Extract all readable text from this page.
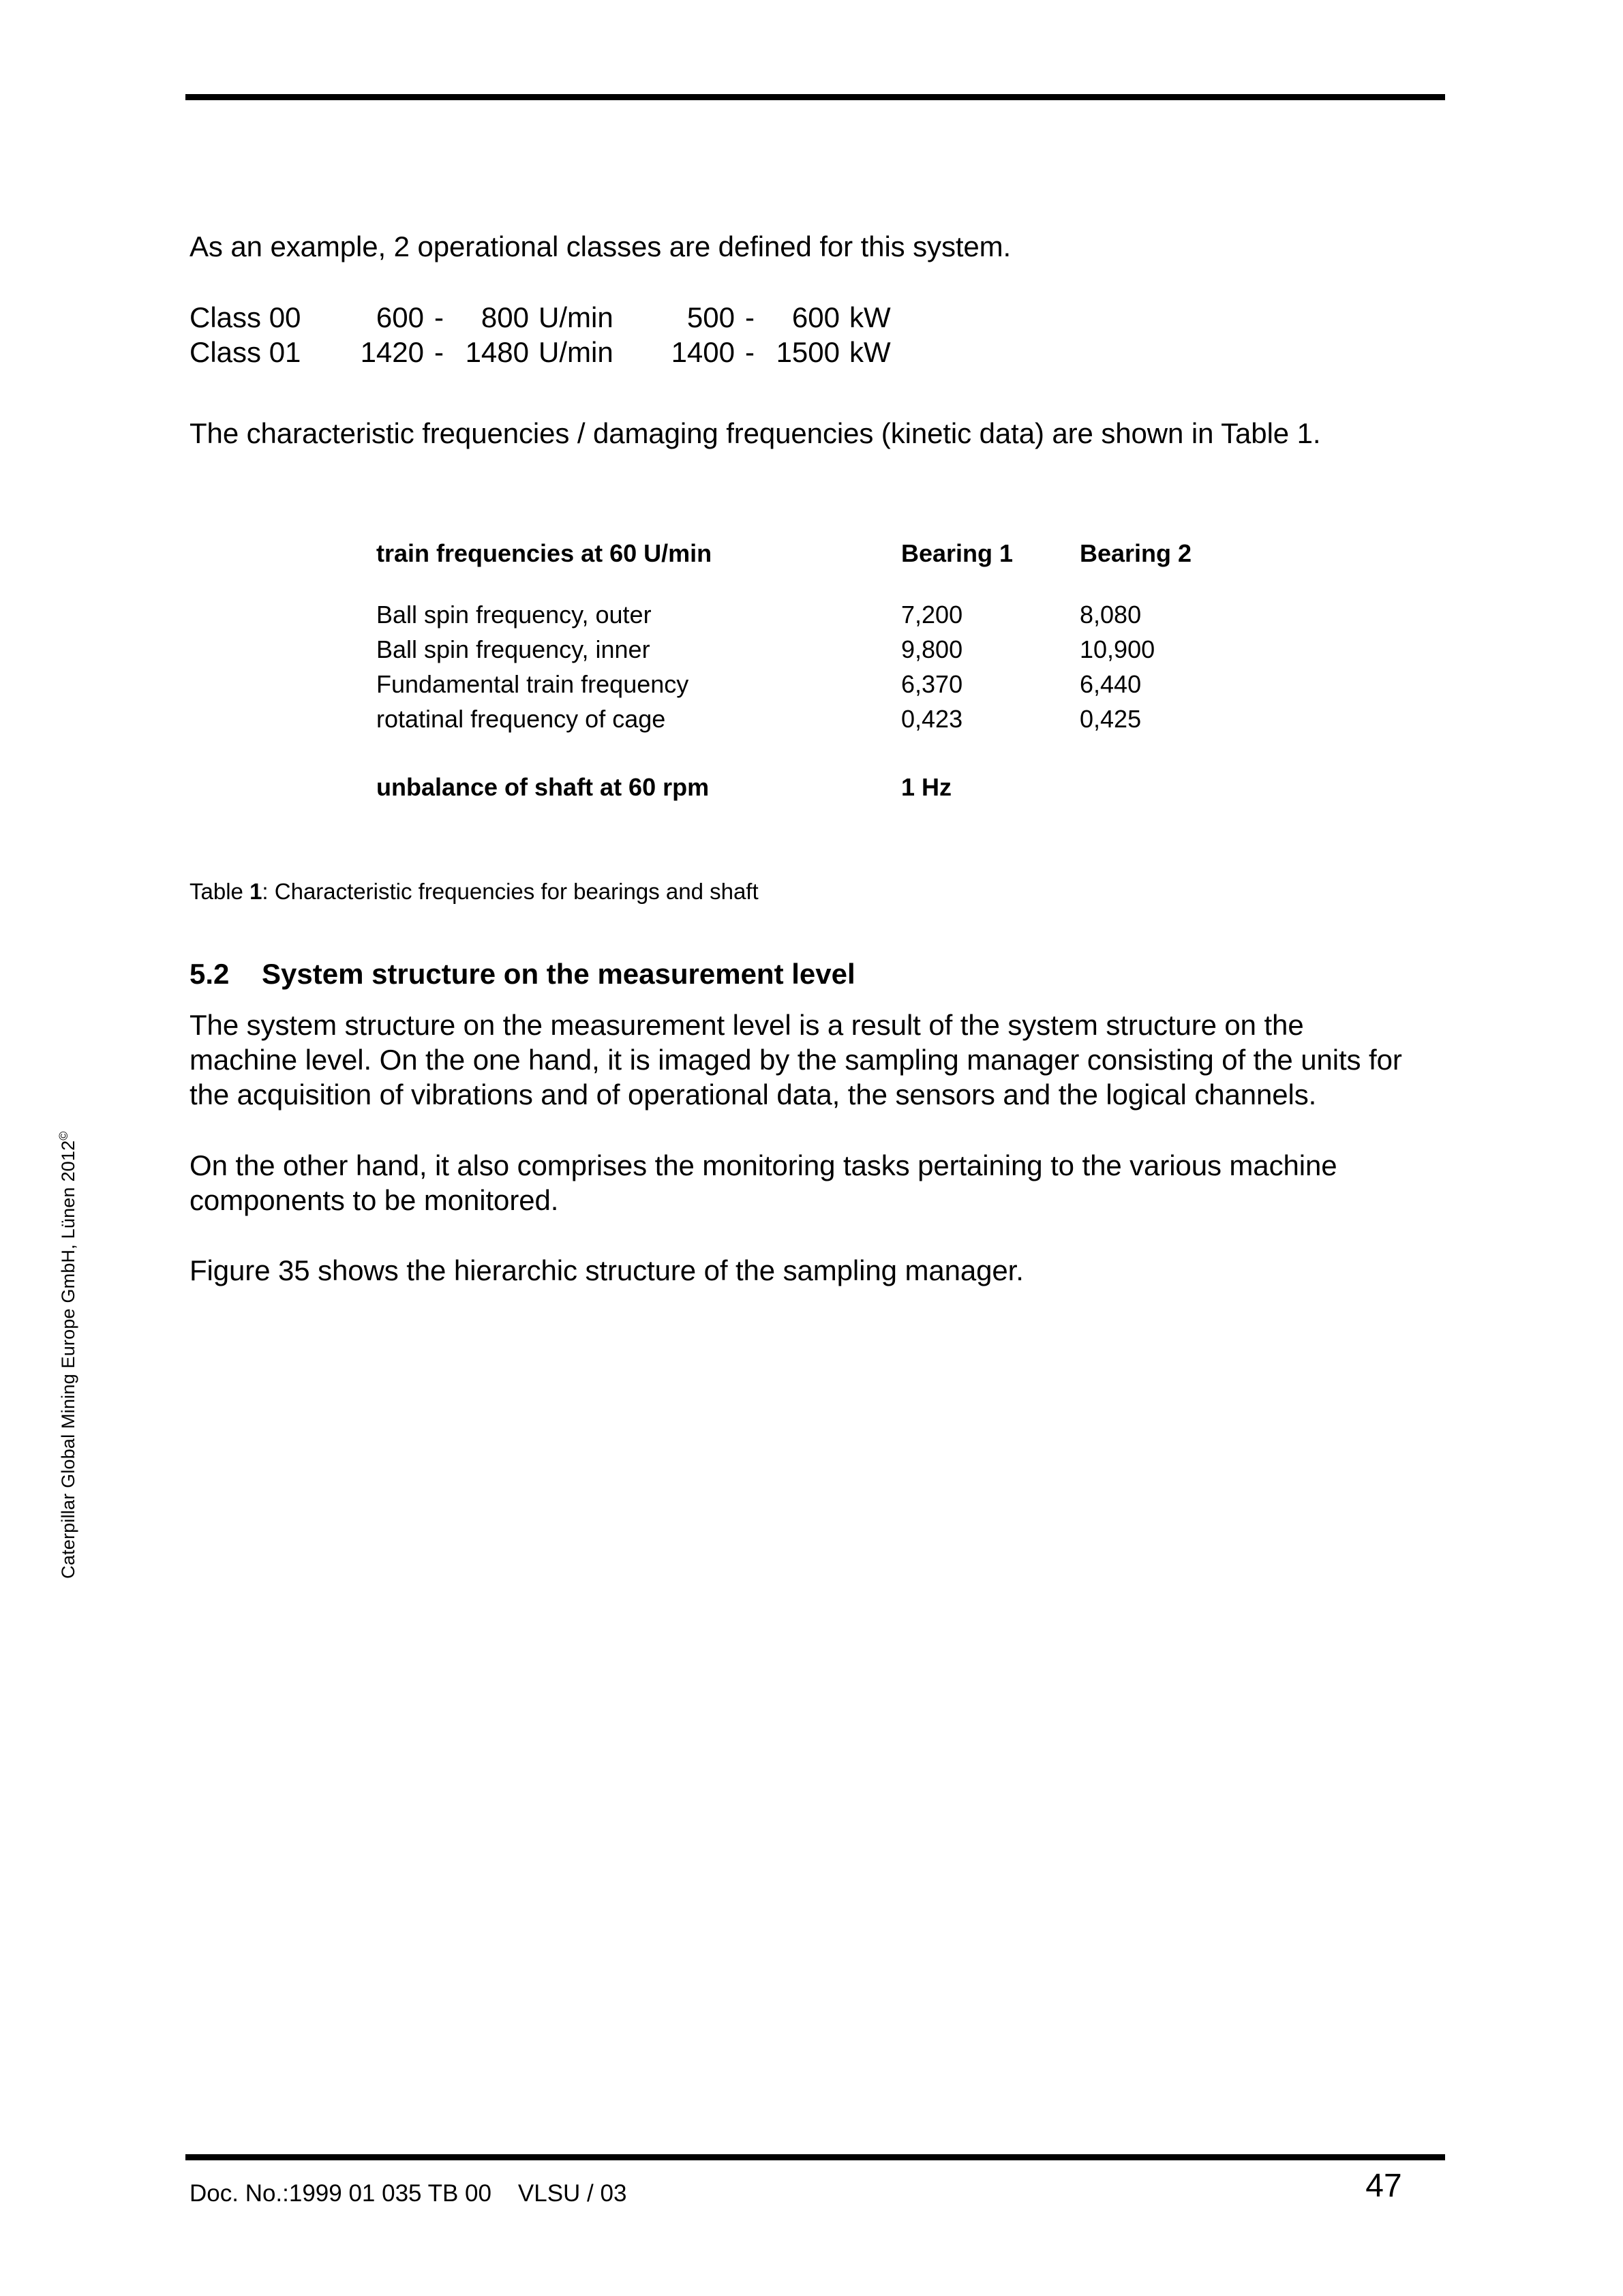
Caterpillar Global Mining Europe GmbH, Lünen 2012©

As an example, 2 operational classes are defined for this system.

Class 00	600 -	800 U/min	500 -	600 kW
Class 01	1420 - 1480 U/min	1400 - 1500 kW

The characteristic frequencies / damaging frequencies (kinetic data) are shown in Table 1.

Table 1: Characteristic frequencies for bearings and shaft

5.2	System structure on the measurement level

The system structure on the measurement level is a result of the system structure on the machine level. On the one hand, it is imaged by the sampling manager consisting of the units for the acquisition of vibrations and of operational data, the sensors and the logical channels.

On the other hand, it also comprises the monitoring tasks pertaining to the various machine components to be monitored.

Figure 35 shows the hierarchic structure of the sampling manager.

train frequencies at 60 U/min	Bearing 1	Bearing 2
Ball spin frequency, outer	7,200	8,080
Ball spin frequency, inner	9,800	10,900
Fundamental train frequency	6,370	6,440
rotatinal frequency of cage	0,423	0,425

unbalance of shaft at 60 rpm	1 Hz	
Doc. No.:1999 01 035 TB 00    VLSU / 03	47
